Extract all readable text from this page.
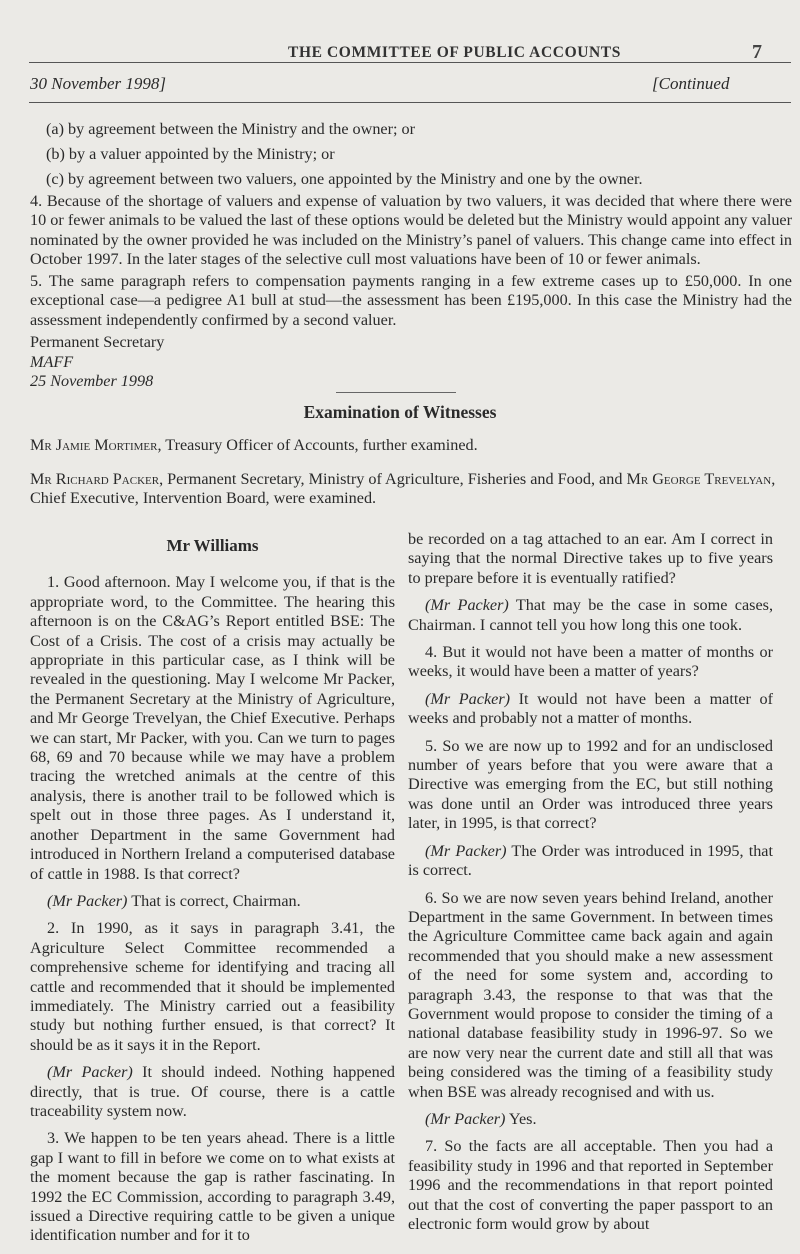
THE COMMITTEE OF PUBLIC ACCOUNTS	7
30 November 1998]	[Continued
(a) by agreement between the Ministry and the owner; or
(b) by a valuer appointed by the Ministry; or
(c) by agreement between two valuers, one appointed by the Ministry and one by the owner.
4. Because of the shortage of valuers and expense of valuation by two valuers, it was decided that where there were 10 or fewer animals to be valued the last of these options would be deleted but the Ministry would appoint any valuer nominated by the owner provided he was included on the Ministry’s panel of valuers. This change came into effect in October 1997. In the later stages of the selective cull most valuations have been of 10 or fewer animals.
5. The same paragraph refers to compensation payments ranging in a few extreme cases up to £50,000. In one exceptional case—a pedigree A1 bull at stud—the assessment has been £195,000. In this case the Ministry had the assessment independently confirmed by a second valuer.
Permanent Secretary
MAFF
25 November 1998
Examination of Witnesses
Mr Jamie Mortimer, Treasury Officer of Accounts, further examined.
Mr Richard Packer, Permanent Secretary, Ministry of Agriculture, Fisheries and Food, and Mr George Trevelyan, Chief Executive, Intervention Board, were examined.
Mr Williams

1. Good afternoon. May I welcome you, if that is the appropriate word, to the Committee. The hearing this afternoon is on the C&AG’s Report entitled BSE: The Cost of a Crisis. The cost of a crisis may actually be appropriate in this particular case, as I think will be revealed in the questioning. May I welcome Mr Packer, the Permanent Secretary at the Ministry of Agriculture, and Mr George Trevelyan, the Chief Executive. Perhaps we can start, Mr Packer, with you. Can we turn to pages 68, 69 and 70 because while we may have a problem tracing the wretched animals at the centre of this analysis, there is another trail to be followed which is spelt out in those three pages. As I understand it, another Department in the same Government had introduced in Northern Ireland a computerised database of cattle in 1988. Is that correct?

(Mr Packer) That is correct, Chairman.

2. In 1990, as it says in paragraph 3.41, the Agriculture Select Committee recommended a comprehensive scheme for identifying and tracing all cattle and recommended that it should be implemented immediately. The Ministry carried out a feasibility study but nothing further ensued, is that correct? It should be as it says it in the Report.

(Mr Packer) It should indeed. Nothing happened directly, that is true. Of course, there is a cattle traceability system now.

3. We happen to be ten years ahead. There is a little gap I want to fill in before we come on to what exists at the moment because the gap is rather fascinating. In 1992 the EC Commission, according to paragraph 3.49, issued a Directive requiring cattle to be given a unique identification number and for it to

be recorded on a tag attached to an ear. Am I correct in saying that the normal Directive takes up to five years to prepare before it is eventually ratified?

(Mr Packer) That may be the case in some cases, Chairman. I cannot tell you how long this one took.

4. But it would not have been a matter of months or weeks, it would have been a matter of years?

(Mr Packer) It would not have been a matter of weeks and probably not a matter of months.

5. So we are now up to 1992 and for an undisclosed number of years before that you were aware that a Directive was emerging from the EC, but still nothing was done until an Order was introduced three years later, in 1995, is that correct?

(Mr Packer) The Order was introduced in 1995, that is correct.

6. So we are now seven years behind Ireland, another Department in the same Government. In between times the Agriculture Committee came back again and again recommended that you should make a new assessment of the need for some system and, according to paragraph 3.43, the response to that was that the Government would propose to consider the timing of a national database feasibility study in 1996-97. So we are now very near the current date and still all that was being considered was the timing of a feasibility study when BSE was already recognised and with us.

(Mr Packer) Yes.

7. So the facts are all acceptable. Then you had a feasibility study in 1996 and that reported in September 1996 and the recommendations in that report pointed out that the cost of converting the paper passport to an electronic form would grow by about
